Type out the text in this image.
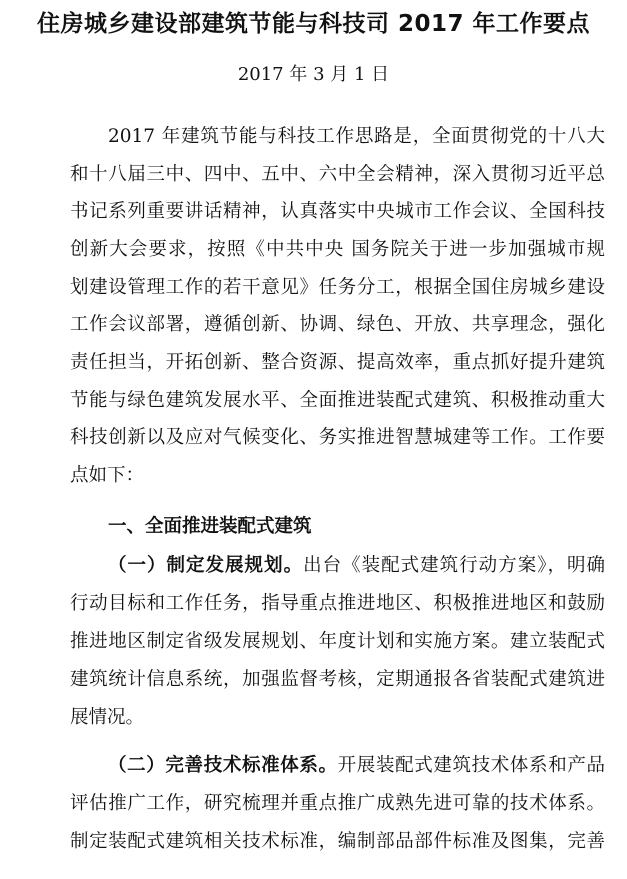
住房城乡建设部建筑节能与科技司 2017 年工作要点
2017 年 3 月 1 日
2017 年建筑节能与科技工作思路是，全面贯彻党的十八大
和十八届三中、四中、五中、六中全会精神，深入贯彻习近平总
书记系列重要讲话精神，认真落实中央城市工作会议、全国科技
创新大会要求，按照《中共中央 国务院关于进一步加强城市规
划建设管理工作的若干意见》任务分工，根据全国住房城乡建设
工作会议部署，遵循创新、协调、绿色、开放、共享理念，强化
责任担当，开拓创新、整合资源、提高效率，重点抓好提升建筑
节能与绿色建筑发展水平、全面推进装配式建筑、积极推动重大
科技创新以及应对气候变化、务实推进智慧城建等工作。工作要
点如下：
一、全面推进装配式建筑
（一）制定发展规划。出台《装配式建筑行动方案》，明确
行动目标和工作任务，指导重点推进地区、积极推进地区和鼓励
推进地区制定省级发展规划、年度计划和实施方案。建立装配式
建筑统计信息系统，加强监督考核，定期通报各省装配式建筑进
展情况。
（二）完善技术标准体系。开展装配式建筑技术体系和产品
评估推广工作，研究梳理并重点推广成熟先进可靠的技术体系。
制定装配式建筑相关技术标准，编制部品部件标准及图集，完善
